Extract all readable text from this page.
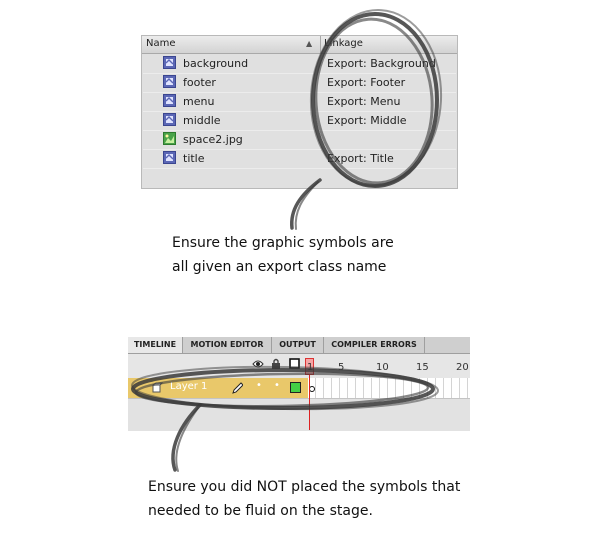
Name	▲ Linkage
background	Export: Background
footer	Export: Footer
menu	Export: Menu
middle	Export: Middle
space2.jpg
title	Export: Title
Ensure the graphic symbols are
all given an export class name
TIMELINE	MOTION EDITOR	OUTPUT	COMPILER ERRORS
1 5	10	15	20
Layer 1	• •
Ensure you did NOT placed the symbols that
needed to be fluid on the stage.
